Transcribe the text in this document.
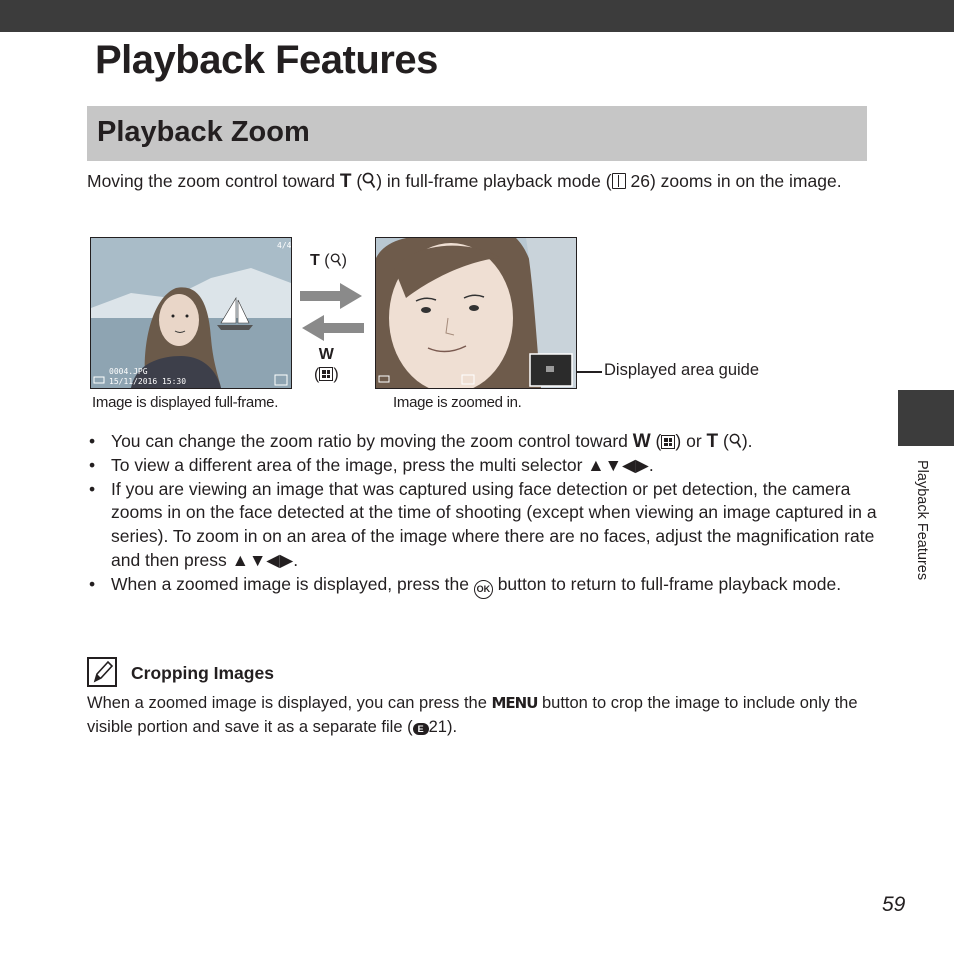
Playback Features
Playback Zoom

Moving the zoom control toward T ( ) in full-frame playback mode ( 26) zooms in on the image.

4/4
0004.JPG
15/11/2016 15:30
T ( )
W
( )	Displayed area guide
Image is displayed full-frame.	Image is zoomed in.
• You can change the zoom ratio by moving the zoom control toward W ( ) or T ( ).
• To view a different area of the image, press the multi selector ▲▼◀▶.
• If you are viewing an image that was captured using face detection or pet detection, the camera zooms in on the face detected at the time of shooting (except when viewing an image captured in a series). To zoom in on an area of the image where there are no faces, adjust the magnification rate and then press ▲▼◀▶.
• When a zoomed image is displayed, press the OK button to return to full-frame playback mode.
Cropping Images

When a zoomed image is displayed, you can press the MENU button to crop the image to include only the visible portion and save it as a separate file ( E 21).

Playback Features
59
